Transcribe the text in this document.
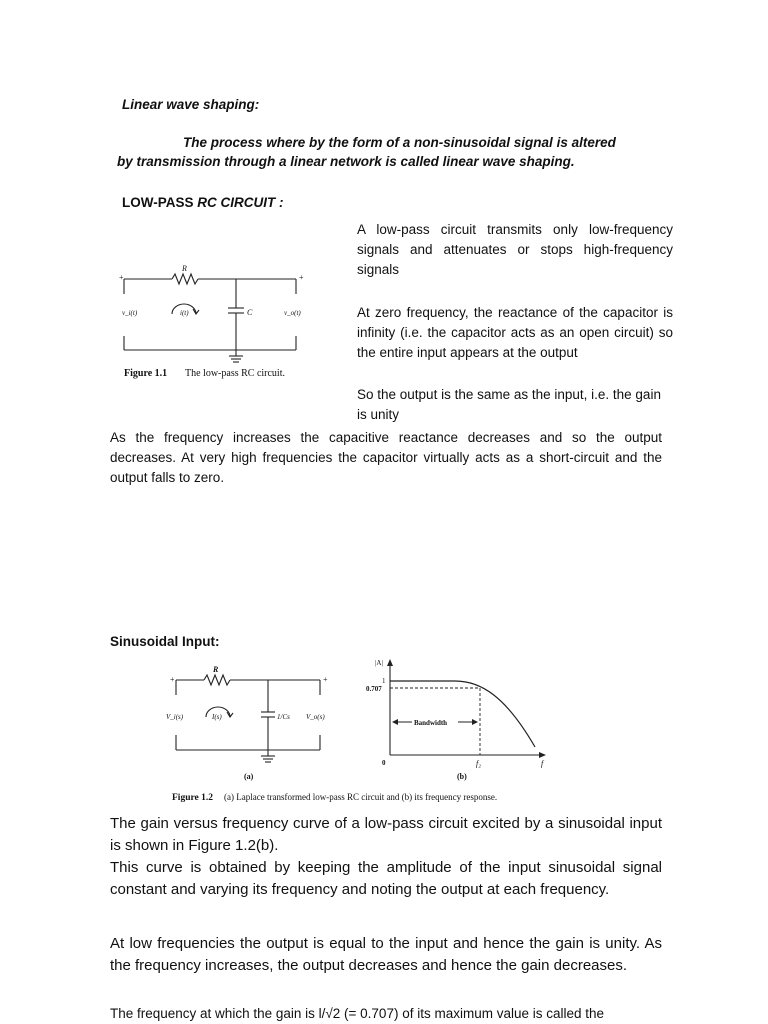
Linear wave shaping:
The process where by the form of a non-sinusoidal signal is altered
by transmission through a linear network is called linear wave shaping.
LOW-PASS RC CIRCUIT :
A low-pass circuit transmits only low-frequency signals and attenuates or stops high-frequency signals
At zero frequency, the reactance of the capacitor is infinity (i.e. the capacitor acts as an open circuit) so the entire input appears at the output
So the output is the same as the input, i.e. the gain is unity
R
+	+
v_i(t)	i(t)	C	v_o(t)
Figure 1.1 The low-pass RC circuit.
As the frequency increases the capacitive reactance decreases and so the output decreases. At very high frequencies the capacitor virtually acts as a short-circuit and the output falls to zero.
Sinusoidal Input:
R
+	+
V_i(s)	I(s)	1/Cs V_o(s)
(a)
|A|
1
0.707
Bandwidth
0	f₂	f
(b)
Figure 1.2 (a) Laplace transformed low-pass RC circuit and (b) its frequency response.
The gain versus frequency curve of a low-pass circuit excited by a sinusoidal input is shown in Figure 1.2(b).
This curve is obtained by keeping the amplitude of the input sinusoidal signal constant and varying its frequency and noting the output at each frequency.
At low frequencies the output is equal to the input and hence the gain is unity. As the frequency increases, the output decreases and hence the gain decreases.
The frequency at which the gain is l/√2 (= 0.707) of its maximum value is called the
